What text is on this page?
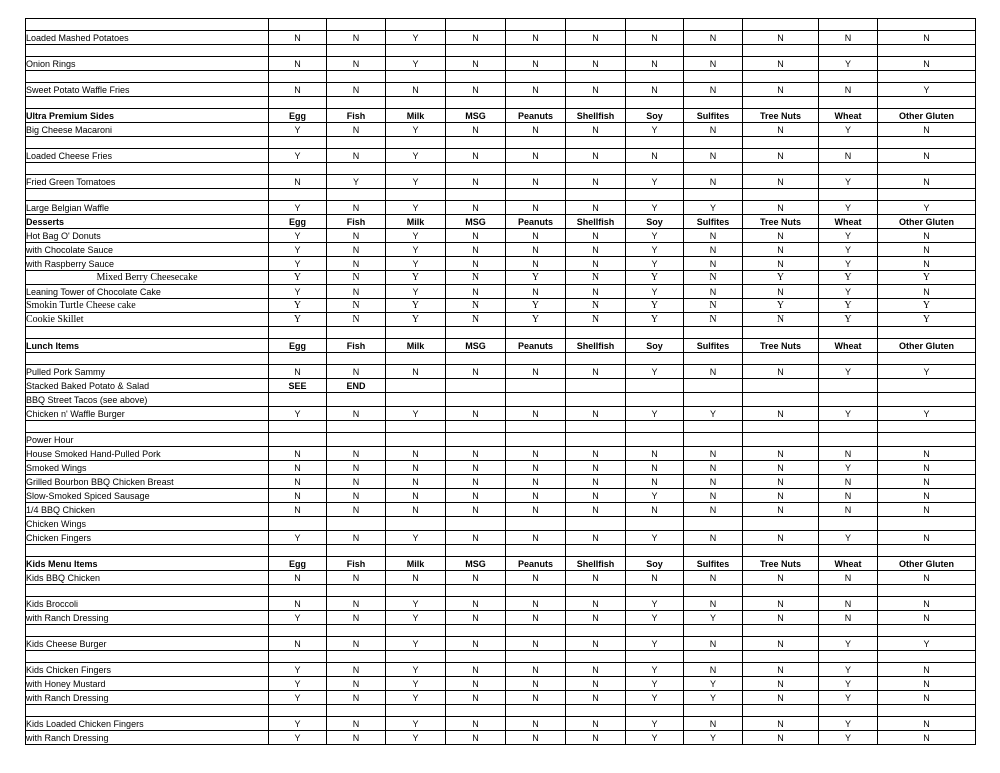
Loaded Mashed Potatoes	N	N	Y	N	N	N	N	N	N	N	N

Onion Rings	N	N	Y	N	N	N	N	N	N	Y	N

Sweet Potato Waffle Fries	N	N	N	N	N	N	N	N	N	N	Y

Ultra Premium Sides	Egg	Fish	Milk	MSG	Peanuts	Shellfish	Soy	Sulfites	Tree Nuts	Wheat	Other Gluten
Big Cheese Macaroni	Y	N	Y	N	N	N	Y	N	N	Y	N

Loaded Cheese Fries	Y	N	Y	N	N	N	N	N	N	N	N

Fried Green Tomatoes	N	Y	Y	N	N	N	Y	N	N	Y	N

Large Belgian Waffle	Y	N	Y	N	N	N	Y	Y	N	Y	Y
Desserts	Egg	Fish	Milk	MSG	Peanuts	Shellfish	Soy	Sulfites	Tree Nuts	Wheat	Other Gluten
Hot Bag O' Donuts	Y	N	Y	N	N	N	Y	N	N	Y	N
with Chocolate Sauce	Y	N	Y	N	N	N	Y	N	N	Y	N
with Raspberry Sauce	Y	N	Y	N	N	N	Y	N	N	Y	N
Mixed Berry Cheesecake	Y	N	Y	N	Y	N	Y	N	Y	Y	Y
Leaning Tower of Chocolate Cake	Y	N	Y	N	N	N	Y	N	N	Y	N
Smokin Turtle Cheese cake	Y	N	Y	N	Y	N	Y	N	Y	Y	Y
Cookie Skillet	Y	N	Y	N	Y	N	Y	N	N	Y	Y

Lunch Items	Egg	Fish	Milk	MSG	Peanuts	Shellfish	Soy	Sulfites	Tree Nuts	Wheat	Other Gluten

Pulled Pork Sammy	N	N	N	N	N	N	Y	N	N	Y	Y
Stacked Baked Potato & Salad	SEE	END									
BBQ Street Tacos (see above)											
Chicken n' Waffle Burger	Y	N	Y	N	N	N	Y	Y	N	Y	Y

Power Hour											
House Smoked Hand-Pulled Pork	N	N	N	N	N	N	N	N	N	N	N
Smoked Wings	N	N	N	N	N	N	N	N	N	Y	N
Grilled Bourbon BBQ Chicken Breast	N	N	N	N	N	N	N	N	N	N	N
Slow-Smoked Spiced Sausage	N	N	N	N	N	N	Y	N	N	N	N
1/4 BBQ Chicken	N	N	N	N	N	N	N	N	N	N	N
Chicken Wings											
Chicken Fingers	Y	N	Y	N	N	N	Y	N	N	Y	N

Kids Menu Items	Egg	Fish	Milk	MSG	Peanuts	Shellfish	Soy	Sulfites	Tree Nuts	Wheat	Other Gluten
Kids BBQ Chicken	N	N	N	N	N	N	N	N	N	N	N

Kids Broccoli	N	N	Y	N	N	N	Y	N	N	N	N
with Ranch Dressing	Y	N	Y	N	N	N	Y	Y	N	N	N

Kids Cheese Burger	N	N	Y	N	N	N	Y	N	N	Y	Y

Kids Chicken Fingers	Y	N	Y	N	N	N	Y	N	N	Y	N
with Honey Mustard	Y	N	Y	N	N	N	Y	Y	N	Y	N
with Ranch Dressing	Y	N	Y	N	N	N	Y	Y	N	Y	N

Kids Loaded Chicken Fingers	Y	N	Y	N	N	N	Y	N	N	Y	N
with Ranch Dressing	Y	N	Y	N	N	N	Y	Y	N	Y	N
